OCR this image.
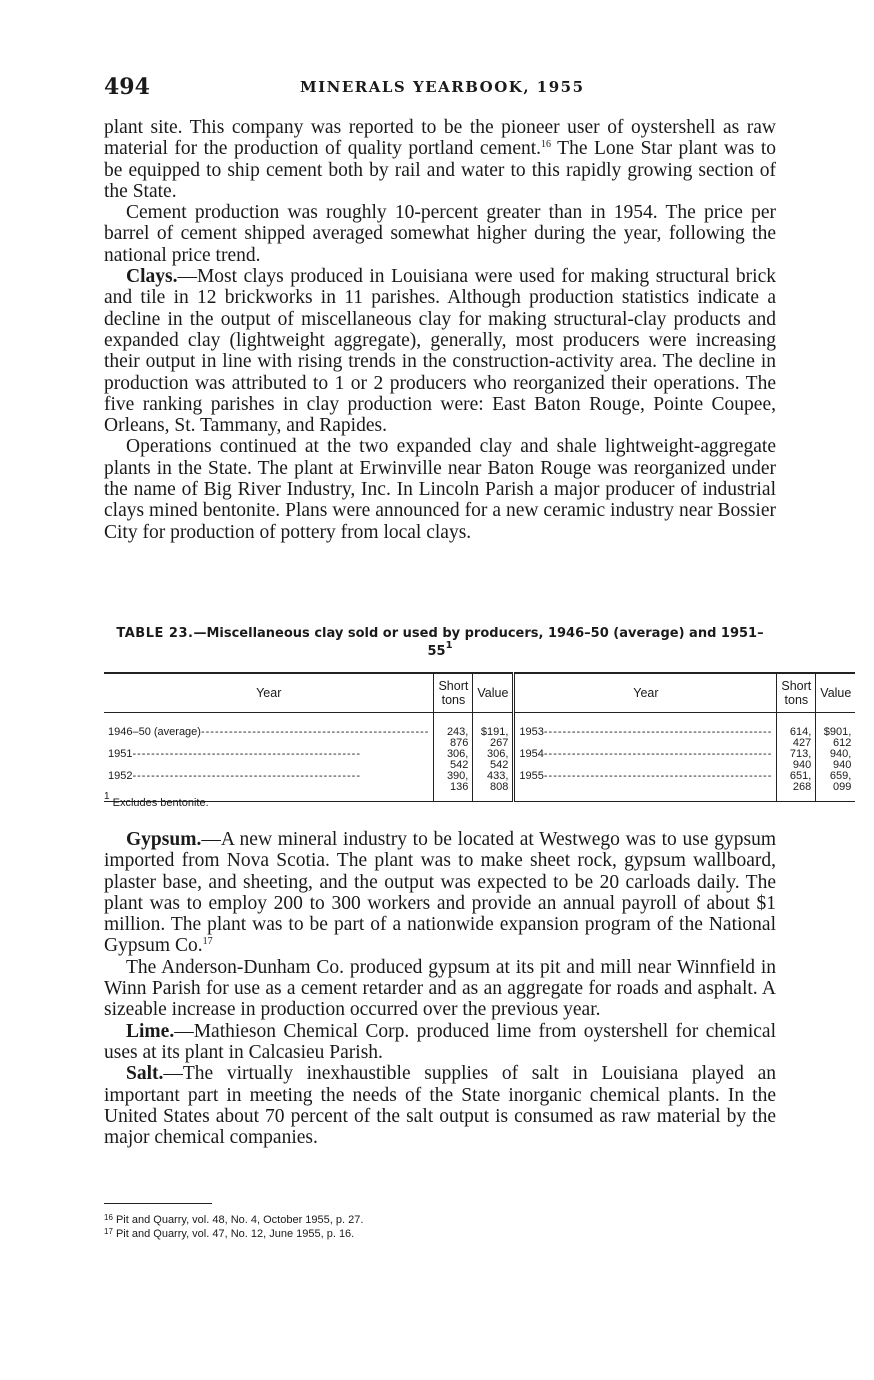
494	MINERALS YEARBOOK, 1955

plant site. This company was reported to be the pioneer user of oystershell as raw material for the production of quality portland cement.$^{16}$ The Lone Star plant was to be equipped to ship cement both by rail and water to this rapidly growing section of the State.

Cement production was roughly 10-percent greater than in 1954. The price per barrel of cement shipped averaged somewhat higher during the year, following the national price trend.

Clays.—Most clays produced in Louisiana were used for making structural brick and tile in 12 brickworks in 11 parishes. Although production statistics indicate a decline in the output of miscellaneous clay for making structural-clay products and expanded clay (lightweight aggregate), generally, most producers were increasing their output in line with rising trends in the construction-activity area. The decline in production was attributed to 1 or 2 producers who reorganized their operations. The five ranking parishes in clay production were: East Baton Rouge, Pointe Coupee, Orleans, St. Tammany, and Rapides.

Operations continued at the two expanded clay and shale lightweight-aggregate plants in the State. The plant at Erwinville near Baton Rouge was reorganized under the name of Big River Industry, Inc. In Lincoln Parish a major producer of industrial clays mined bentonite. Plans were announced for a new ceramic industry near Bossier City for production of pottery from local clays.

TABLE 23.—Miscellaneous clay sold or used by producers, 1946–50 (average) and $1951-55^1$
Year	Short tons	Value	Year	Short tons	Value

1946–50 (average) -----	243, 876	$191, 267	1953 -----	614, 427	$901, 612
1951 -----	306, 542	306, 542	1954 -----	713, 940	940, 940
1952 -----	390, 136	433, 808	1955 -----	651, 268	659, 099
$^1$ Excludes bentonite.

Gypsum.—A new mineral industry to be located at Westwego was to use gypsum imported from Nova Scotia. The plant was to make sheet rock, gypsum wallboard, plaster base, and sheeting, and the output was expected to be 20 carloads daily. The plant was to employ 200 to 300 workers and provide an annual payroll of about $1 million. The plant was to be part of a nationwide expansion program of the National Gypsum Co.$^{17}$

The Anderson-Dunham Co. produced gypsum at its pit and mill near Winnfield in Winn Parish for use as a cement retarder and as an aggregate for roads and asphalt. A sizeable increase in production occurred over the previous year.

Lime.—Mathieson Chemical Corp. produced lime from oystershell for chemical uses at its plant in Calcasieu Parish.

Salt.—The virtually inexhaustible supplies of salt in Louisiana played an important part in meeting the needs of the State inorganic chemical plants. In the United States about 70 percent of the salt output is consumed as raw material by the major chemical companies.

$^{16}$ Pit and Quarry, vol. 48, No. 4, October 1955, p. 27.
$^{17}$ Pit and Quarry, vol. 47, No. 12, June 1955, p. 16.
